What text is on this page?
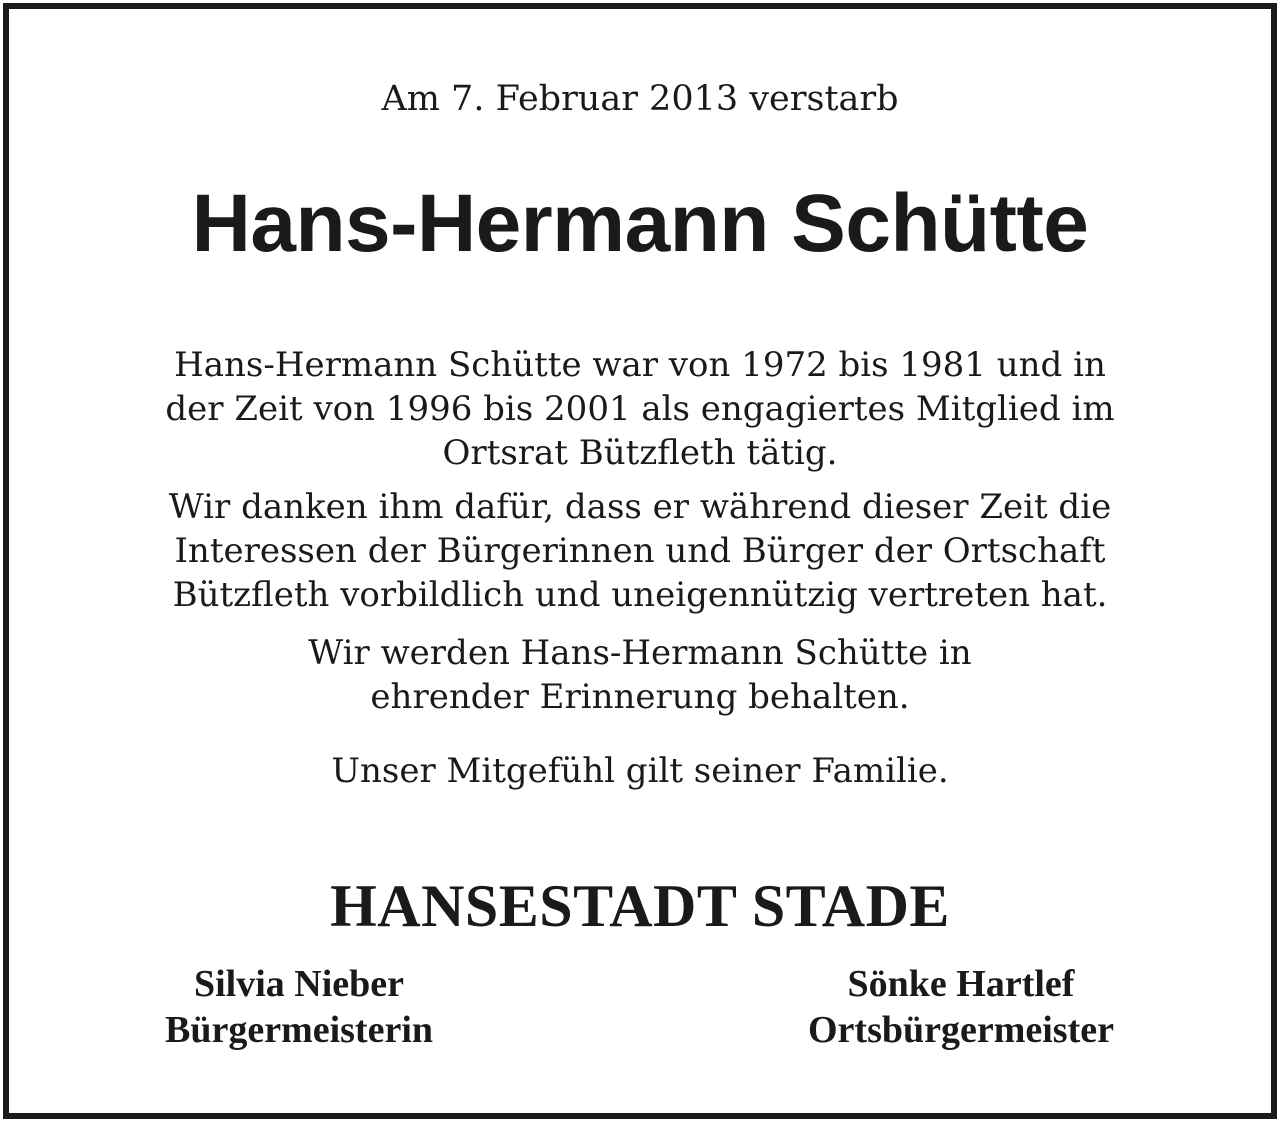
Am 7. Februar 2013 verstarb
Hans-Hermann Schütte

Hans-Hermann Schütte war von 1972 bis 1981 und in
der Zeit von 1996 bis 2001 als engagiertes Mitglied im
Ortsrat Bützfleth tätig.

Wir danken ihm dafür, dass er während dieser Zeit die
Interessen der Bürgerinnen und Bürger der Ortschaft
Bützfleth vorbildlich und uneigennützig vertreten hat.

Wir werden Hans-Hermann Schütte in
ehrender Erinnerung behalten.

Unser Mitgefühl gilt seiner Familie.

HANSESTADT STADE
Silvia Nieber
Bürgermeisterin
Sönke Hartlef
Ortsbürgermeister
